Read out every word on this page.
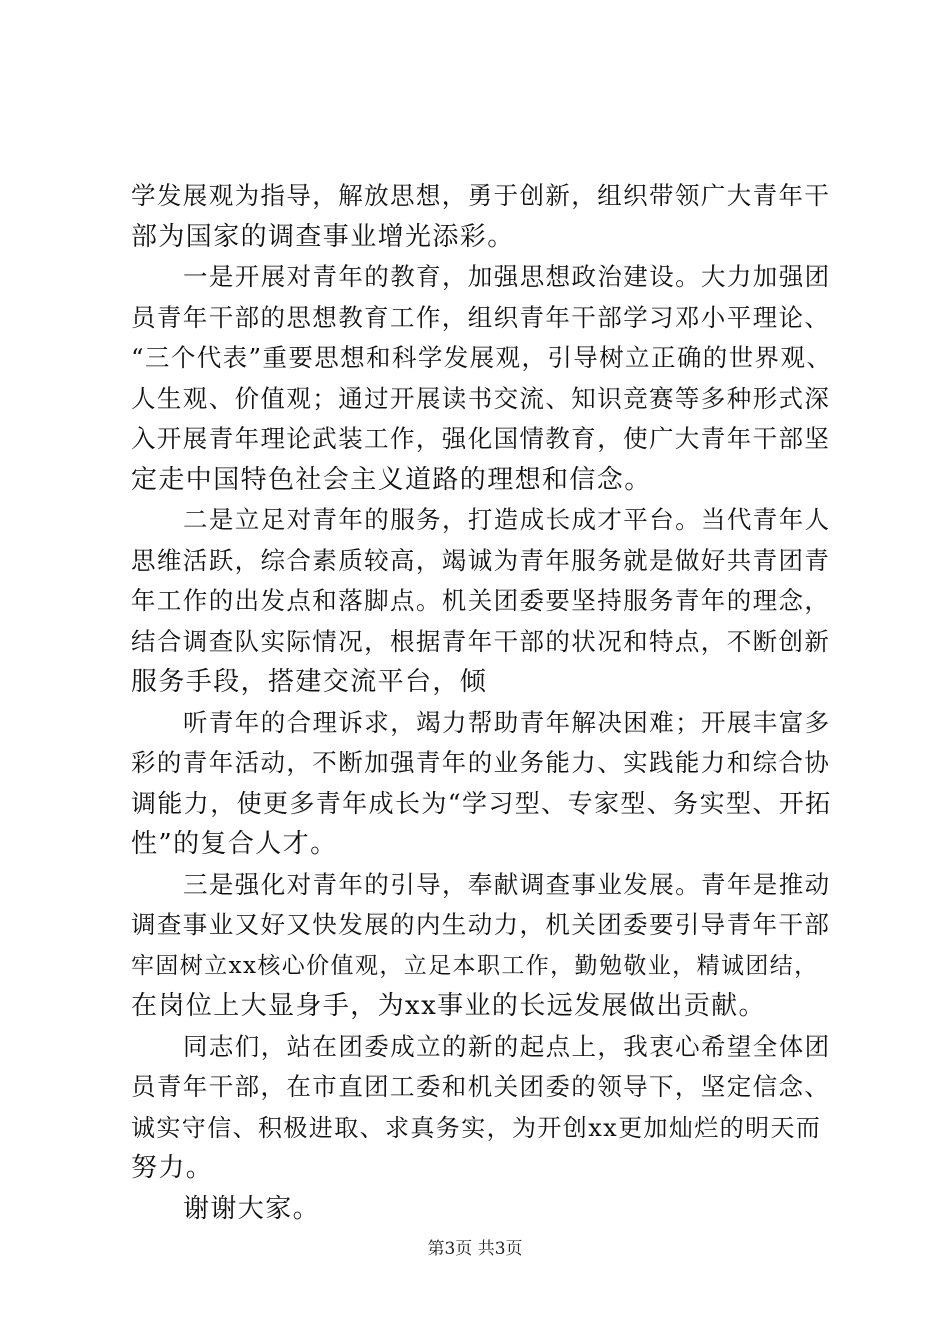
学发展观为指导，解放思想，勇于创新，组织带领广大青年干
部为国家的调查事业增光添彩。
一是开展对青年的教育，加强思想政治建设。大力加强团
员青年干部的思想教育工作，组织青年干部学习邓小平理论、
“三个代表”重要思想和科学发展观，引导树立正确的世界观、
人生观、价值观；通过开展读书交流、知识竞赛等多种形式深
入开展青年理论武装工作，强化国情教育，使广大青年干部坚
定走中国特色社会主义道路的理想和信念。
二是立足对青年的服务，打造成长成才平台。当代青年人
思维活跃，综合素质较高，竭诚为青年服务就是做好共青团青
年工作的出发点和落脚点。机关团委要坚持服务青年的理念，
结合调查队实际情况，根据青年干部的状况和特点，不断创新
服务手段，搭建交流平台，倾
听青年的合理诉求，竭力帮助青年解决困难；开展丰富多
彩的青年活动，不断加强青年的业务能力、实践能力和综合协
调能力，使更多青年成长为“学习型、专家型、务实型、开拓
性”的复合人才。
三是强化对青年的引导，奉献调查事业发展。青年是推动
调查事业又好又快发展的内生动力，机关团委要引导青年干部
牢固树立xx核心价值观，立足本职工作，勤勉敬业，精诚团结，
在岗位上大显身手，为xx事业的长远发展做出贡献。
同志们，站在团委成立的新的起点上，我衷心希望全体团
员青年干部，在市直团工委和机关团委的领导下，坚定信念、
诚实守信、积极进取、求真务实，为开创xx更加灿烂的明天而
努力。
谢谢大家。
第3页 共3页
